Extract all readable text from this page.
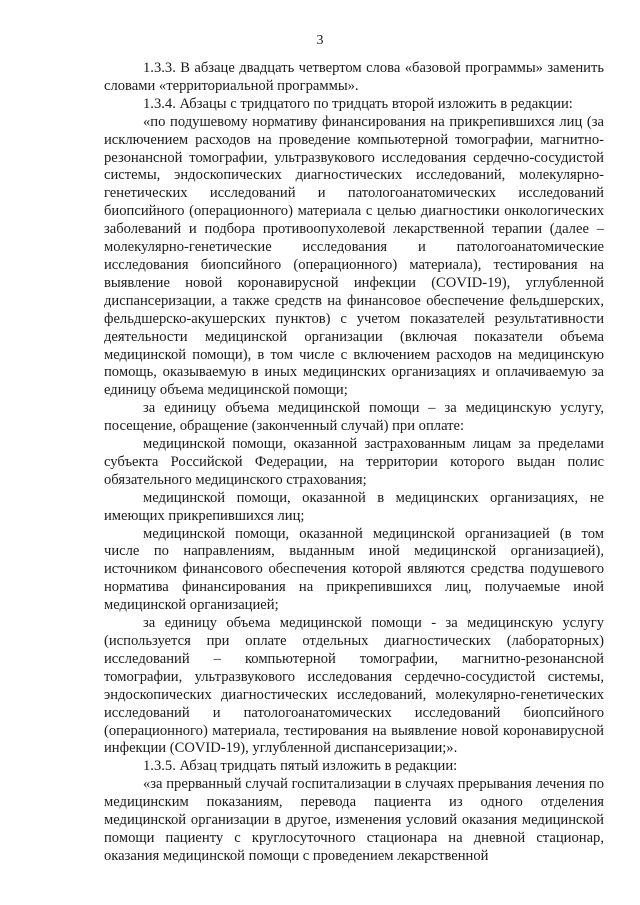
3

1.3.3. В абзаце двадцать четвертом слова «базовой программы» заменить словами «территориальной программы».

1.3.4. Абзацы с тридцатого по тридцать второй изложить в редакции:

«по подушевому нормативу финансирования на прикрепившихся лиц (за исключением расходов на проведение компьютерной томографии, магнитно-резонансной томографии, ультразвукового исследования сердечно-сосудистой системы, эндоскопических диагностических исследований, молекулярно-генетических исследований и патологоанатомических исследований биопсийного (операционного) материала с целью диагностики онкологических заболеваний и подбора противоопухолевой лекарственной терапии (далее – молекулярно-генетические исследования и патологоанатомические исследования биопсийного (операционного) материала), тестирования на выявление новой коронавирусной инфекции (COVID-19), углубленной диспансеризации, а также средств на финансовое обеспечение фельдшерских, фельдшерско-акушерских пунктов) с учетом показателей результативности деятельности медицинской организации (включая показатели объема медицинской помощи), в том числе с включением расходов на медицинскую помощь, оказываемую в иных медицинских организациях и оплачиваемую за единицу объема медицинской помощи;

за единицу объема медицинской помощи – за медицинскую услугу, посещение, обращение (законченный случай) при оплате:

медицинской помощи, оказанной застрахованным лицам за пределами субъекта Российской Федерации, на территории которого выдан полис обязательного медицинского страхования;

медицинской помощи, оказанной в медицинских организациях, не имеющих прикрепившихся лиц;

медицинской помощи, оказанной медицинской организацией (в том числе по направлениям, выданным иной медицинской организацией), источником финансового обеспечения которой являются средства подушевого норматива финансирования на прикрепившихся лиц, получаемые иной медицинской организацией;

за единицу объема медицинской помощи - за медицинскую услугу (используется при оплате отдельных диагностических (лабораторных) исследований – компьютерной томографии, магнитно-резонансной томографии, ультразвукового исследования сердечно-сосудистой системы, эндоскопических диагностических исследований, молекулярно-генетических исследований и патологоанатомических исследований биопсийного (операционного) материала, тестирования на выявление новой коронавирусной инфекции (COVID-19), углубленной диспансеризации;».

1.3.5. Абзац тридцать пятый изложить в редакции:

«за прерванный случай госпитализации в случаях прерывания лечения по медицинским показаниям, перевода пациента из одного отделения медицинской организации в другое, изменения условий оказания медицинской помощи пациенту с круглосуточного стационара на дневной стационар, оказания медицинской помощи с проведением лекарственной
